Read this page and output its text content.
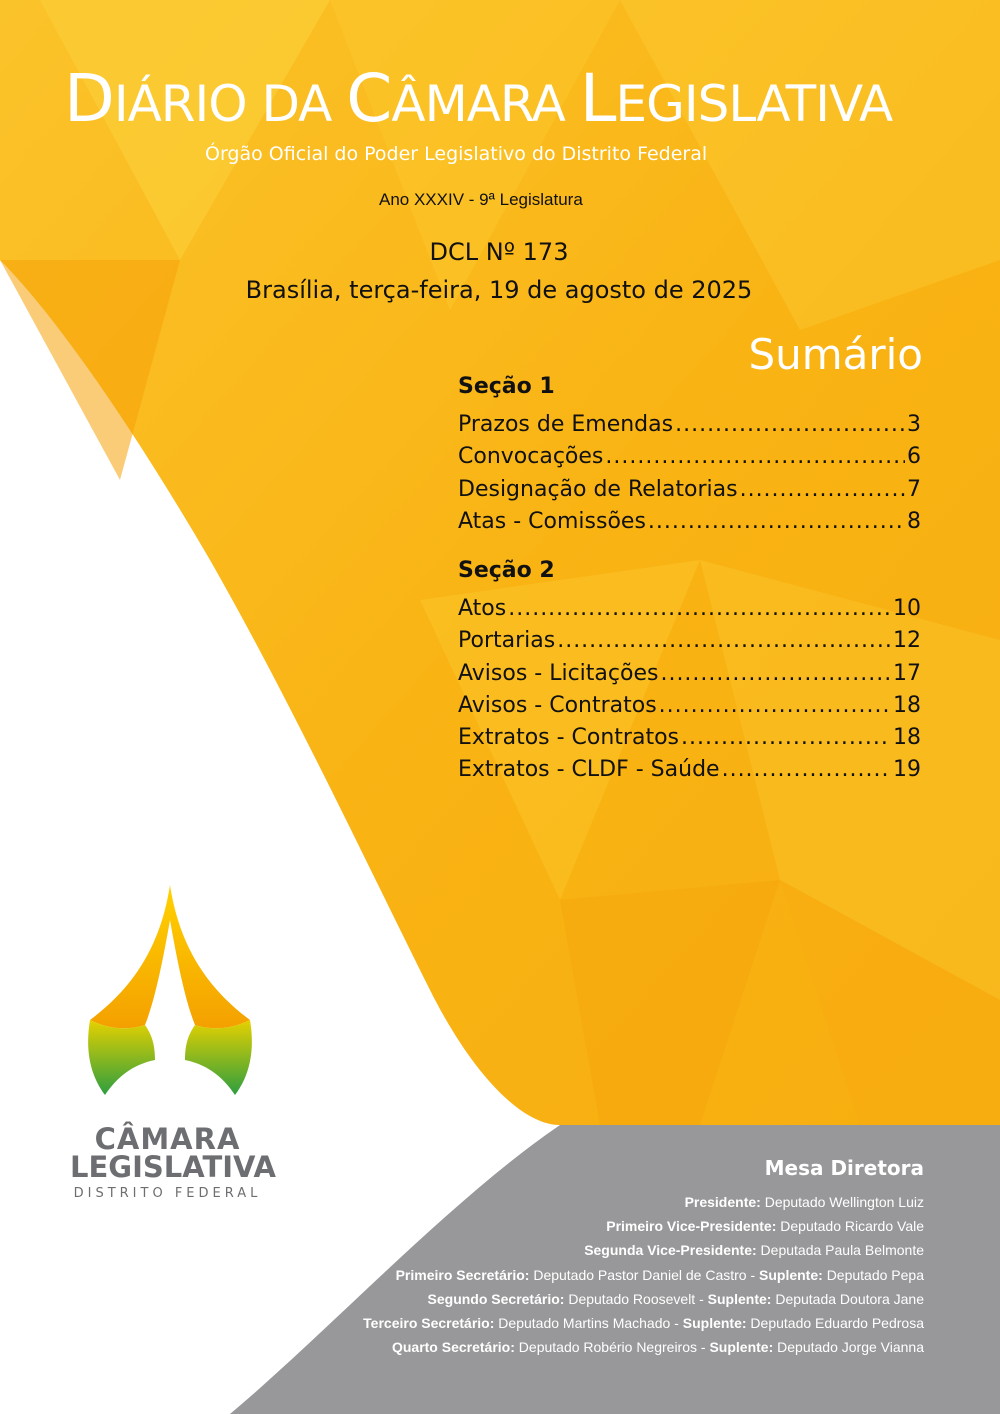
DIÁRIO DA CÂMARA LEGISLATIVA
Órgão Oficial do Poder Legislativo do Distrito Federal
Ano XXXIV - 9ª Legislatura
DCL Nº 173
Brasília, terça-feira, 19 de agosto de 2025
Sumário
Seção 1
Prazos de Emendas .....	3
Convocações .....	6
Designação de Relatorias .....	7
Atas - Comissões .....	8
Seção 2
Atos .....	10
Portarias .....	12
Avisos - Licitações .....	17
Avisos - Contratos .....	18
Extratos - Contratos .....	18
Extratos - CLDF - Saúde .....	19
CÂMARA
LEGISLATIVA
DISTRITO FEDERAL
Mesa Diretora
Presidente: Deputado Wellington Luiz
Primeiro Vice-Presidente: Deputado Ricardo Vale
Segunda Vice-Presidente: Deputada Paula Belmonte
Primeiro Secretário: Deputado Pastor Daniel de Castro - Suplente: Deputado Pepa
Segundo Secretário: Deputado Roosevelt - Suplente: Deputada Doutora Jane
Terceiro Secretário: Deputado Martins Machado - Suplente: Deputado Eduardo Pedrosa
Quarto Secretário: Deputado Robério Negreiros - Suplente: Deputado Jorge Vianna
